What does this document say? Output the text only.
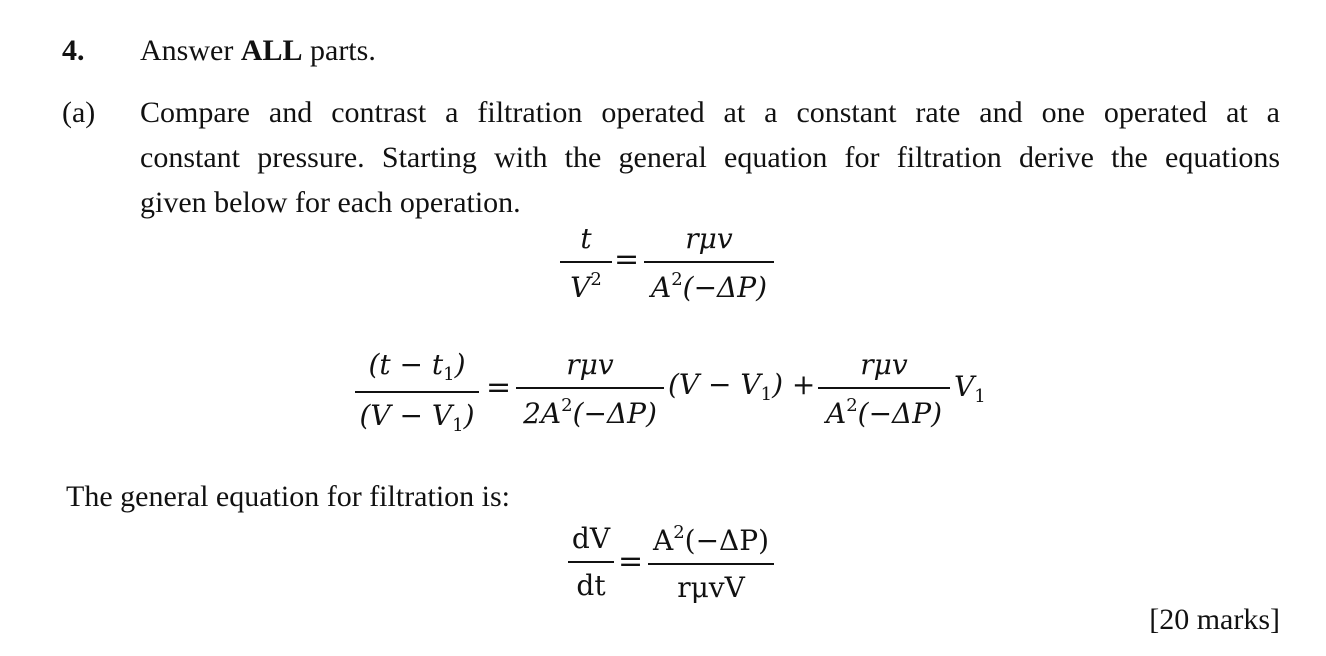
4. Answer ALL parts.
(a) Compare and contrast a filtration operated at a constant rate and one operated at a
constant pressure. Starting with the general equation for filtration derive the equations
given below for each operation.
t
$V^2$
=
rμv
$A^2(-\Delta P)$
$(t - t_1)$
$(V - V_1)$
=
rμv
$2A^2(-\Delta P)$
$(V - V_1)$ +
rμv
$A^2(-\Delta P)$
$V_1$
The general equation for filtration is:
dV
dt
=
$A^2(-\Delta P)$
rμvV
[20 marks]
